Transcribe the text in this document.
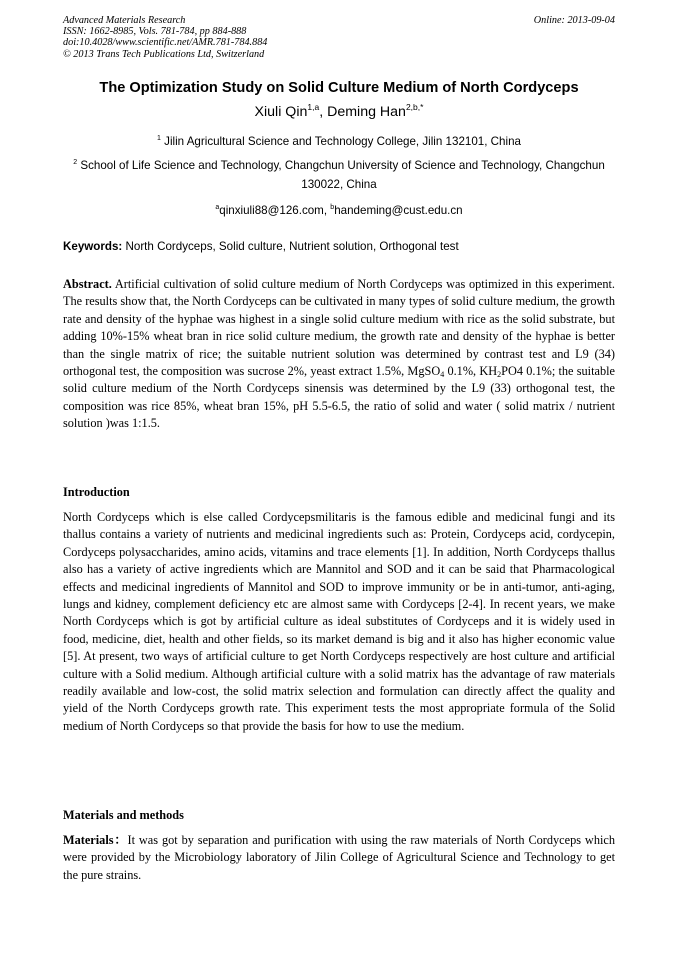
Advanced Materials Research
ISSN: 1662-8985, Vols. 781-784, pp 884-888
doi:10.4028/www.scientific.net/AMR.781-784.884
© 2013 Trans Tech Publications Ltd, Switzerland
Online: 2013-09-04
The Optimization Study on Solid Culture Medium of North Cordyceps
Xiuli Qin$^{1,a}$, Deming Han$^{2,b,*}$
$^1$ Jilin Agricultural Science and Technology College, Jilin 132101, China
$^2$ School of Life Science and Technology, Changchun University of Science and Technology, Changchun 130022, China
$^a$qinxiuli88@126.com, $^b$handeming@cust.edu.cn
Keywords: North Cordyceps, Solid culture, Nutrient solution, Orthogonal test
Abstract. Artificial cultivation of solid culture medium of North Cordyceps was optimized in this experiment. The results show that, the North Cordyceps can be cultivated in many types of solid culture medium, the growth rate and density of the hyphae was highest in a single solid culture medium with rice as the solid substrate, but adding 10%-15% wheat bran in rice solid culture medium, the growth rate and density of the hyphae is better than the single matrix of rice; the suitable nutrient solution was determined by contrast test and L9 (34) orthogonal test, the composition was sucrose 2%, yeast extract 1.5%, MgSO$_4$ 0.1%, $KH_2PO4$ 0.1%; the suitable solid culture medium of the North Cordyceps sinensis was determined by the L9 (33) orthogonal test, the composition was rice 85%, wheat bran 15%, pH 5.5-6.5, the ratio of solid and water ( solid matrix / nutrient solution )was 1:1.5.
Introduction
North Cordyceps which is else called Cordycepsmilitaris is the famous edible and medicinal fungi and its thallus contains a variety of nutrients and medicinal ingredients such as: Protein, Cordyceps acid, cordycepin, Cordyceps polysaccharides, amino acids, vitamins and trace elements [1]. In addition, North Cordyceps thallus also has a variety of active ingredients which are Mannitol and SOD and it can be said that Pharmacological effects and medicinal ingredients of Mannitol and SOD to improve immunity or be in anti-tumor, anti-aging, lungs and kidney, complement deficiency etc are almost same with Cordyceps [2-4]. In recent years, we make North Cordyceps which is got by artificial culture as ideal substitutes of Cordyceps and it is widely used in food, medicine, diet, health and other fields, so its market demand is big and it also has higher economic value [5]. At present, two ways of artificial culture to get North Cordyceps respectively are host culture and artificial culture with a Solid medium. Although artificial culture with a solid matrix has the advantage of raw materials readily available and low-cost, the solid matrix selection and formulation can directly affect the quality and yield of the North Cordyceps growth rate. This experiment tests the most appropriate formula of the Solid medium of North Cordyceps so that provide the basis for how to use the medium.
Materials and methods
Materials：It was got by separation and purification with using the raw materials of North Cordyceps which were provided by the Microbiology laboratory of Jilin College of Agricultural Science and Technology to get the pure strains.
